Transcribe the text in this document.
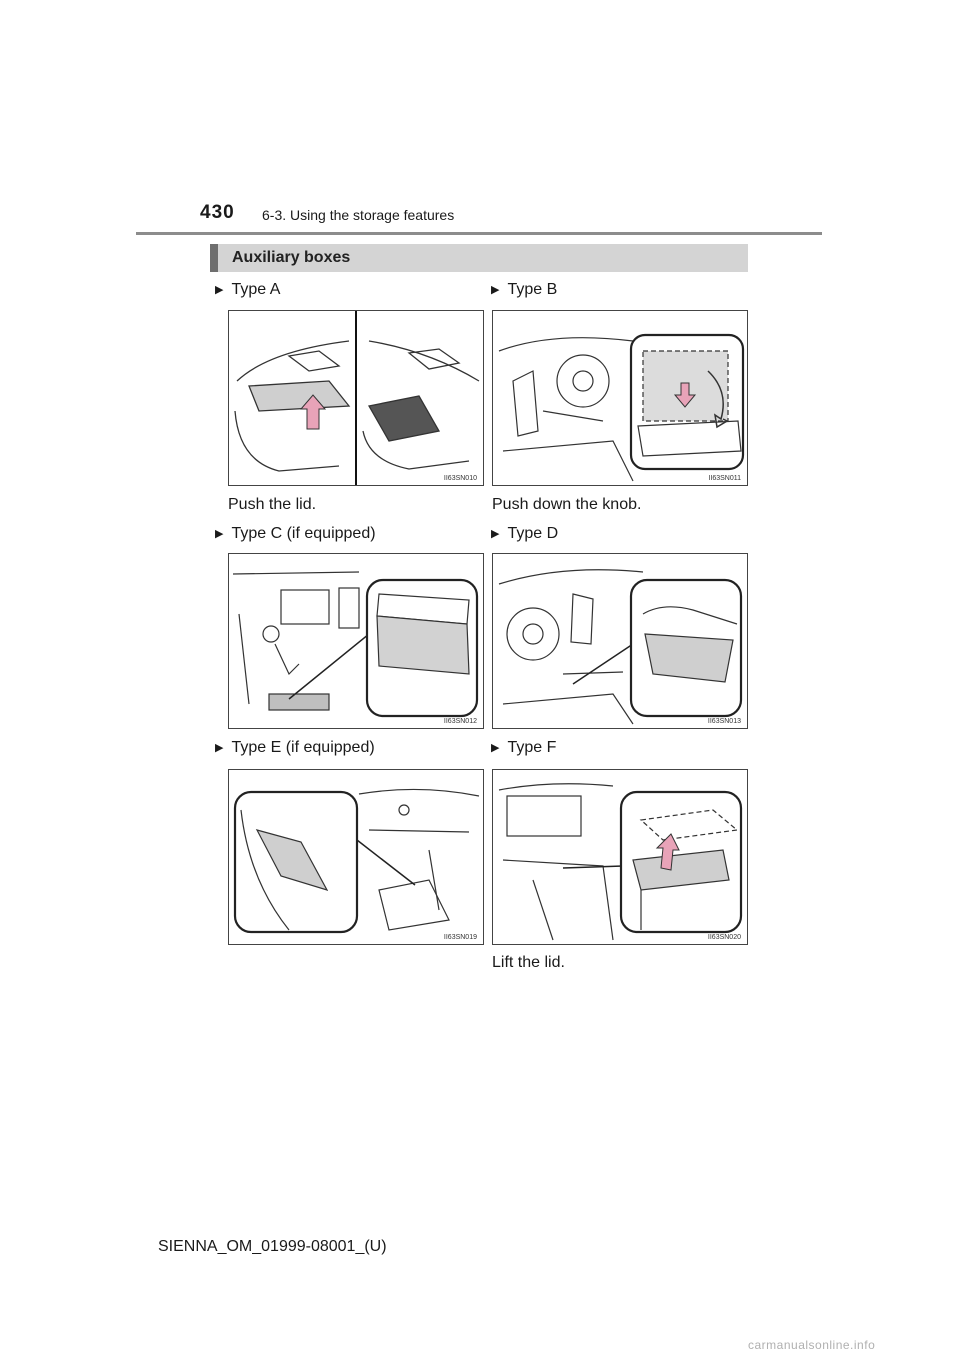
430 6-3. Using the storage features
Auxiliary boxes
▶ Type A	▶ Type B
II63SN010	II63SN011
Push the lid.	Push down the knob.
▶ Type C (if equipped)	▶ Type D
II63SN012	II63SN013
▶ Type E (if equipped)	▶ Type F
II63SN019	II63SN020
Lift the lid.
SIENNA_OM_01999-08001_(U)
carmanualsonline.info
